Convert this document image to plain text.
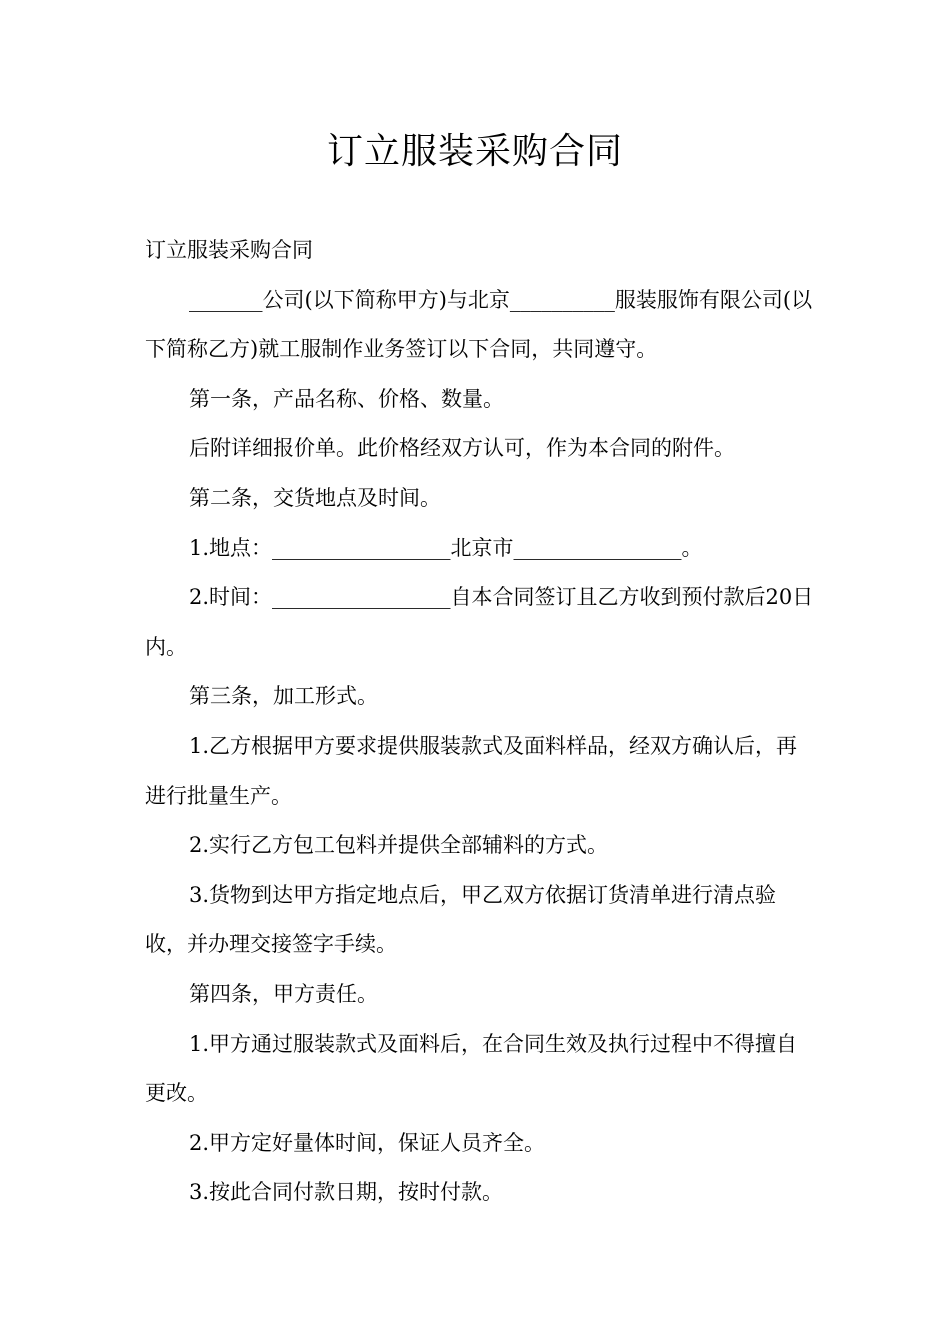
订立服装采购合同

订立服装采购合同

_______公司(以下简称甲方)与北京__________服装服饰有限公司(以下简称乙方)就工服制作业务签订以下合同，共同遵守。

第一条，产品名称、价格、数量。

后附详细报价单。此价格经双方认可，作为本合同的附件。

第二条，交货地点及时间。

1.地点：_________________北京市________________。

2.时间：_________________自本合同签订且乙方收到预付款后20日内。

第三条，加工形式。

1.乙方根据甲方要求提供服装款式及面料样品，经双方确认后，再进行批量生产。

2.实行乙方包工包料并提供全部辅料的方式。

3.货物到达甲方指定地点后，甲乙双方依据订货清单进行清点验收，并办理交接签字手续。

第四条，甲方责任。

1.甲方通过服装款式及面料后，在合同生效及执行过程中不得擅自更改。

2.甲方定好量体时间，保证人员齐全。

3.按此合同付款日期，按时付款。
